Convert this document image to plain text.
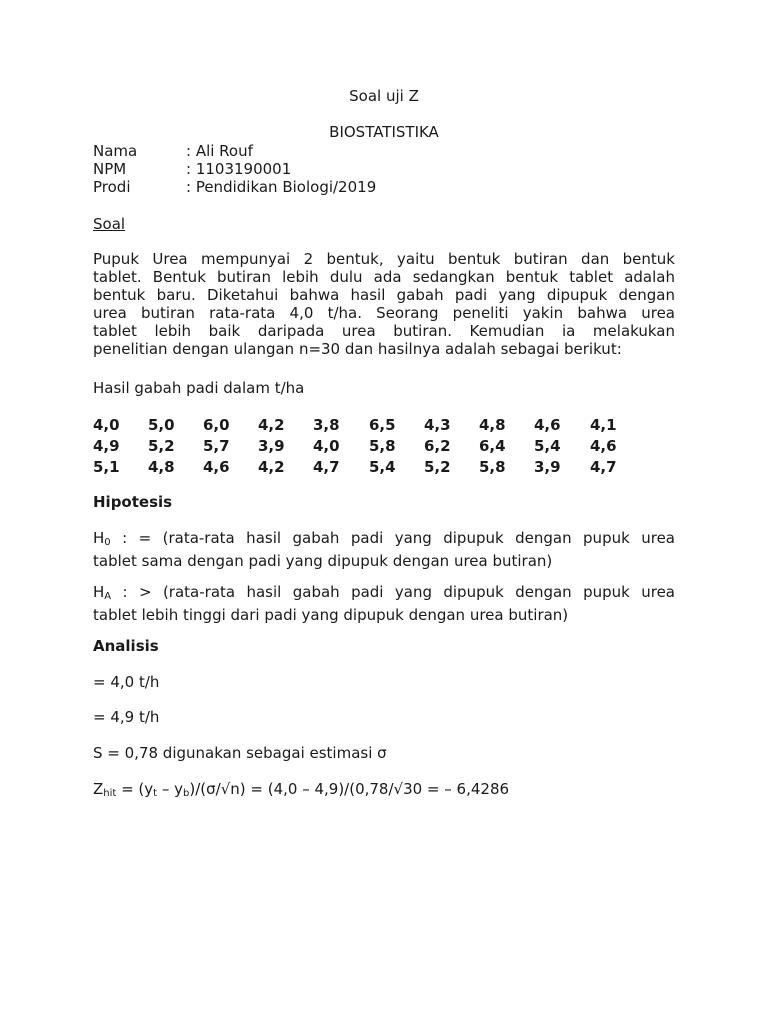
Soal uji Z
BIOSTATISTIKA
Nama	: Ali Rouf
NPM	: 1103190001
Prodi	: Pendidikan Biologi/2019
Soal
Pupuk Urea mempunyai 2 bentuk, yaitu bentuk butiran dan bentuk
tablet. Bentuk butiran lebih dulu ada sedangkan bentuk tablet adalah
bentuk baru. Diketahui bahwa hasil gabah padi yang dipupuk dengan
urea butiran rata-rata 4,0 t/ha. Seorang peneliti yakin bahwa urea
tablet lebih baik daripada urea butiran. Kemudian ia melakukan
penelitian dengan ulangan n=30 dan hasilnya adalah sebagai berikut:
Hasil gabah padi dalam t/ha
4,0 5,0 6,0 4,2 3,8 6,5 4,3 4,8 4,6 4,1
4,9 5,2 5,7 3,9 4,0 5,8 6,2 6,4 5,4 4,6
5,1 4,8 4,6 4,2 4,7 5,4 5,2 5,8 3,9 4,7
Hipotesis
$H_0$ : = (rata-rata hasil gabah padi yang dipupuk dengan pupuk urea
tablet sama dengan padi yang dipupuk dengan urea butiran)
$H_A$ : > (rata-rata hasil gabah padi yang dipupuk dengan pupuk urea
tablet lebih tinggi dari padi yang dipupuk dengan urea butiran)
Analisis
= 4,0 t/h
= 4,9 t/h
S = 0,78 digunakan sebagai estimasi σ
$Z_{hit} = (y_t - y_b)/(\sigma/√n) = (4,0 - 4,9)/(0,78/√30$ = – 6,4286
